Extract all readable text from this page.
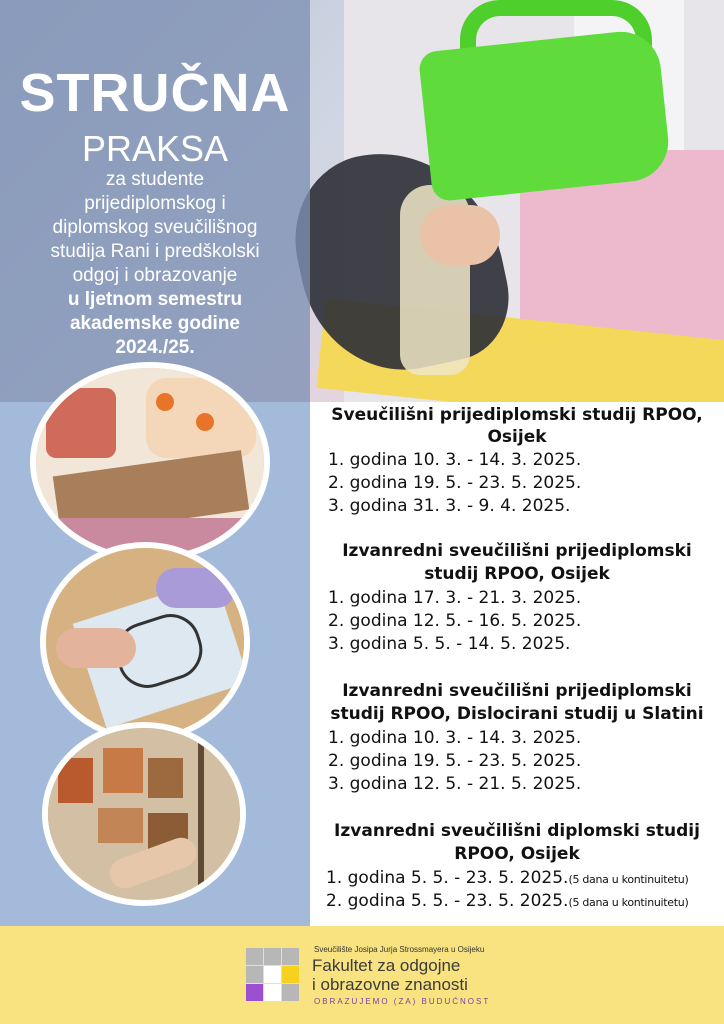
STRUČNA
PRAKSA
za studente
prijediplomskog i
diplomskog sveučilišnog
studija Rani i predškolski
odgoj i obrazovanje
u ljetnom semestru
akademske godine
2024./25.
Sveučilišni prijediplomski studij RPOO,
Osijek
1. godina 10. 3. - 14. 3. 2025.
2. godina 19. 5. - 23. 5. 2025.
3. godina 31. 3. - 9. 4. 2025.
Izvanredni sveučilišni prijediplomski
studij RPOO, Osijek
1. godina 17. 3. - 21. 3. 2025.
2. godina 12. 5. - 16. 5. 2025.
3. godina 5. 5. - 14. 5. 2025.
Izvanredni sveučilišni prijediplomski
studij RPOO, Dislocirani studij u Slatini
1. godina 10. 3. - 14. 3. 2025.
2. godina 19. 5. - 23. 5. 2025.
3. godina 12. 5. - 21. 5. 2025.
Izvanredni sveučilišni diplomski studij
RPOO, Osijek
1. godina 5. 5. - 23. 5. 2025.(5 dana u kontinuitetu)
2. godina 5. 5. - 23. 5. 2025.(5 dana u kontinuitetu)
Sveučilište Josipa Jurja Strossmayera u Osijeku
Fakultet za odgojne
i obrazovne znanosti
OBRAZUJEMO (ZA) BUDUĆNOST
